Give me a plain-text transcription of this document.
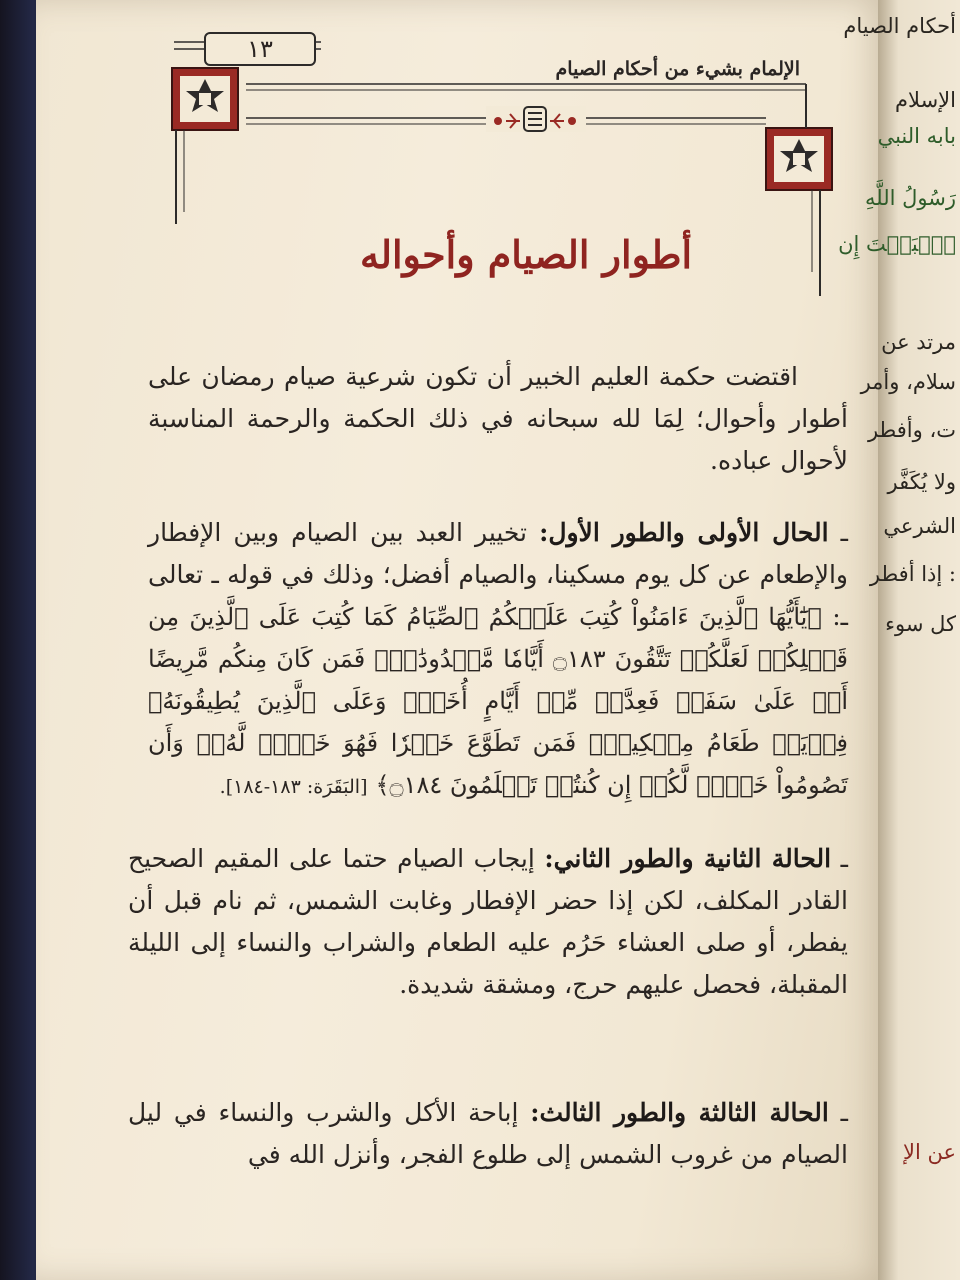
١٣
الإلمام بشيء من أحكام الصيام
أطوار الصيام وأحواله
اقتضت حكمة العليم الخبير أن تكون شرعية صيام رمضان على أطوار وأحوال؛ لِمَا لله سبحانه في ذلك الحكمة والرحمة المناسبة لأحوال عباده.
ـ الحال الأولى والطور الأول: تخيير العبد بين الصيام وبين الإفطار والإطعام عن كل يوم مسكينا، والصيام أفضل؛ وذلك في قوله ـ تعالى ـ: ﴿يَٰٓأَيُّهَا ٱلَّذِينَ ءَامَنُواْ كُتِبَ عَلَيۡكُمُ ٱلصِّيَامُ كَمَا كُتِبَ عَلَى ٱلَّذِينَ مِن قَبۡلِكُمۡ لَعَلَّكُمۡ تَتَّقُونَ ۝١٨٣ أَيَّامٗا مَّعۡدُودَٰتٖۚ فَمَن كَانَ مِنكُم مَّرِيضًا أَوۡ عَلَىٰ سَفَرٖ فَعِدَّةٞ مِّنۡ أَيَّامٍ أُخَرَۚ وَعَلَى ٱلَّذِينَ يُطِيقُونَهُۥ فِدۡيَةٞ طَعَامُ مِسۡكِينٖۖ فَمَن تَطَوَّعَ خَيۡرٗا فَهُوَ خَيۡرٞ لَّهُۥۚ وَأَن تَصُومُواْ خَيۡرٞ لَّكُمۡ إِن كُنتُمۡ تَعۡلَمُونَ ۝١٨٤﴾ [البَقَرَة: ١٨٣-١٨٤].
ـ الحالة الثانية والطور الثاني: إيجاب الصيام حتما على المقيم الصحيح القادر المكلف، لكن إذا حضر الإفطار وغابت الشمس، ثم نام قبل أن يفطر، أو صلى العشاء حَرُم عليه الطعام والشراب والنساء إلى الليلة المقبلة، فحصل عليهم حرج، ومشقة شديدة.
ـ الحالة الثالثة والطور الثالث: إباحة الأكل والشرب والنساء في ليل الصيام من غروب الشمس إلى طلوع الفجر، وأنزل الله في
أحكام الصيام
الإسلام
بابه النبي
رَسُولُ اللَّهِ
ٱلۡبَيۡتَ إِن
مرتد عن
سلام، وأمر
ت، وأفطر
ولا يُكَفَّر
الشرعي
: إذا أفطر
كل سوء
عن الإ
